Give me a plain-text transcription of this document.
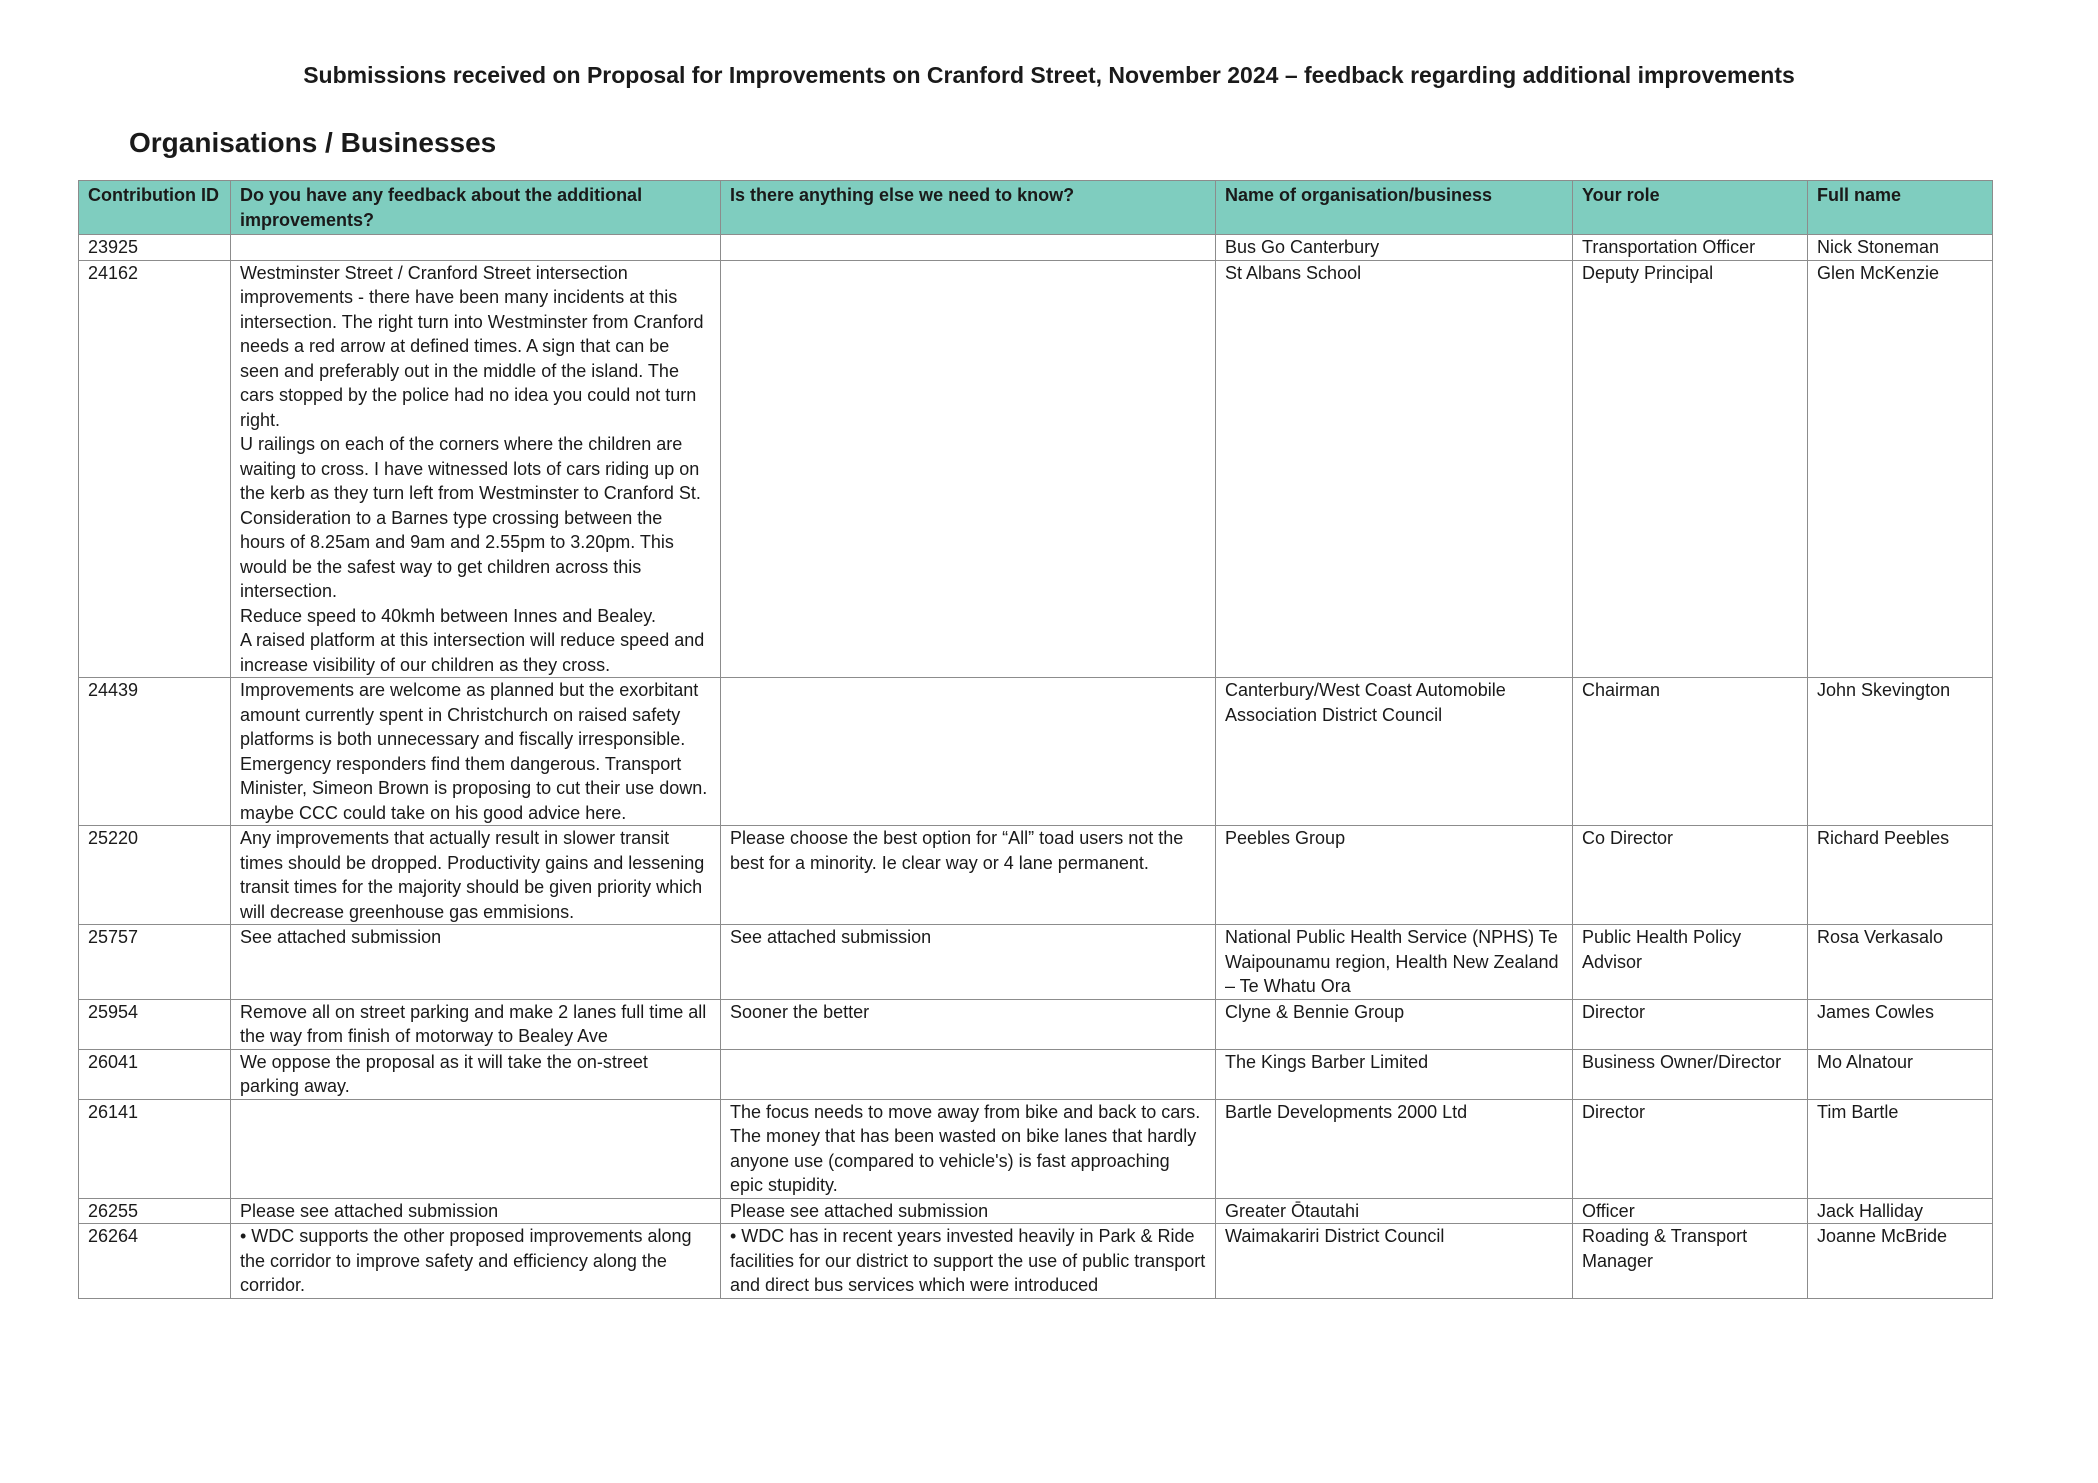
Submissions received on Proposal for Improvements on Cranford Street, November 2024 – feedback regarding additional improvements
Organisations / Businesses
Contribution ID	Do you have any feedback about the additional improvements?	Is there anything else we need to know?	Name of organisation/business	Your role	Full name
23925			Bus Go Canterbury	Transportation Officer	Nick Stoneman
24162	Westminster Street / Cranford Street intersection improvements - there have been many incidents at this intersection. The right turn into Westminster from Cranford needs a red arrow at defined times. A sign that can be seen and preferably out in the middle of the island. The cars stopped by the police had no idea you could not turn right.
U railings on each of the corners where the children are waiting to cross. I have witnessed lots of cars riding up on the kerb as they turn left from Westminster to Cranford St.
Consideration to a Barnes type crossing between the hours of 8.25am and 9am and 2.55pm to 3.20pm. This would be the safest way to get children across this intersection.
Reduce speed to 40kmh between Innes and Bealey.
A raised platform at this intersection will reduce speed and increase visibility of our children as they cross.		St Albans School	Deputy Principal	Glen McKenzie
24439	Improvements are welcome as planned but the exorbitant amount currently spent in Christchurch on raised safety platforms is both unnecessary and fiscally irresponsible. Emergency responders find them dangerous. Transport Minister, Simeon Brown is proposing to cut their use down. maybe CCC could take on his good advice here.		Canterbury/West Coast Automobile Association District Council	Chairman	John Skevington
25220	Any improvements that actually result in slower transit times should be dropped. Productivity gains and lessening transit times for the majority should be given priority which will decrease greenhouse gas emmisions.	Please choose the best option for “All” toad users not the best for a minority. Ie clear way or 4 lane permanent.	Peebles Group	Co Director	Richard Peebles
25757	See attached submission	See attached submission	National Public Health Service (NPHS) Te Waipounamu region, Health New Zealand – Te Whatu Ora	Public Health Policy Advisor	Rosa Verkasalo
25954	Remove all on street parking and make 2 lanes full time all the way from finish of motorway to Bealey Ave	Sooner the better	Clyne & Bennie Group	Director	James Cowles
26041	We oppose the proposal as it will take the on-street parking away.		The Kings Barber Limited	Business Owner/Director	Mo Alnatour
26141		The focus needs to move away from bike and back to cars. The money that has been wasted on bike lanes that hardly anyone use (compared to vehicle's) is fast approaching epic stupidity.	Bartle Developments 2000 Ltd	Director	Tim Bartle
26255	Please see attached submission	Please see attached submission	Greater Ōtautahi	Officer	Jack Halliday
26264	• WDC supports the other proposed improvements along the corridor to improve safety and efficiency along the corridor.	• WDC has in recent years invested heavily in Park & Ride facilities for our district to support the use of public transport and direct bus services which were introduced	Waimakariri District Council	Roading & Transport Manager	Joanne McBride
